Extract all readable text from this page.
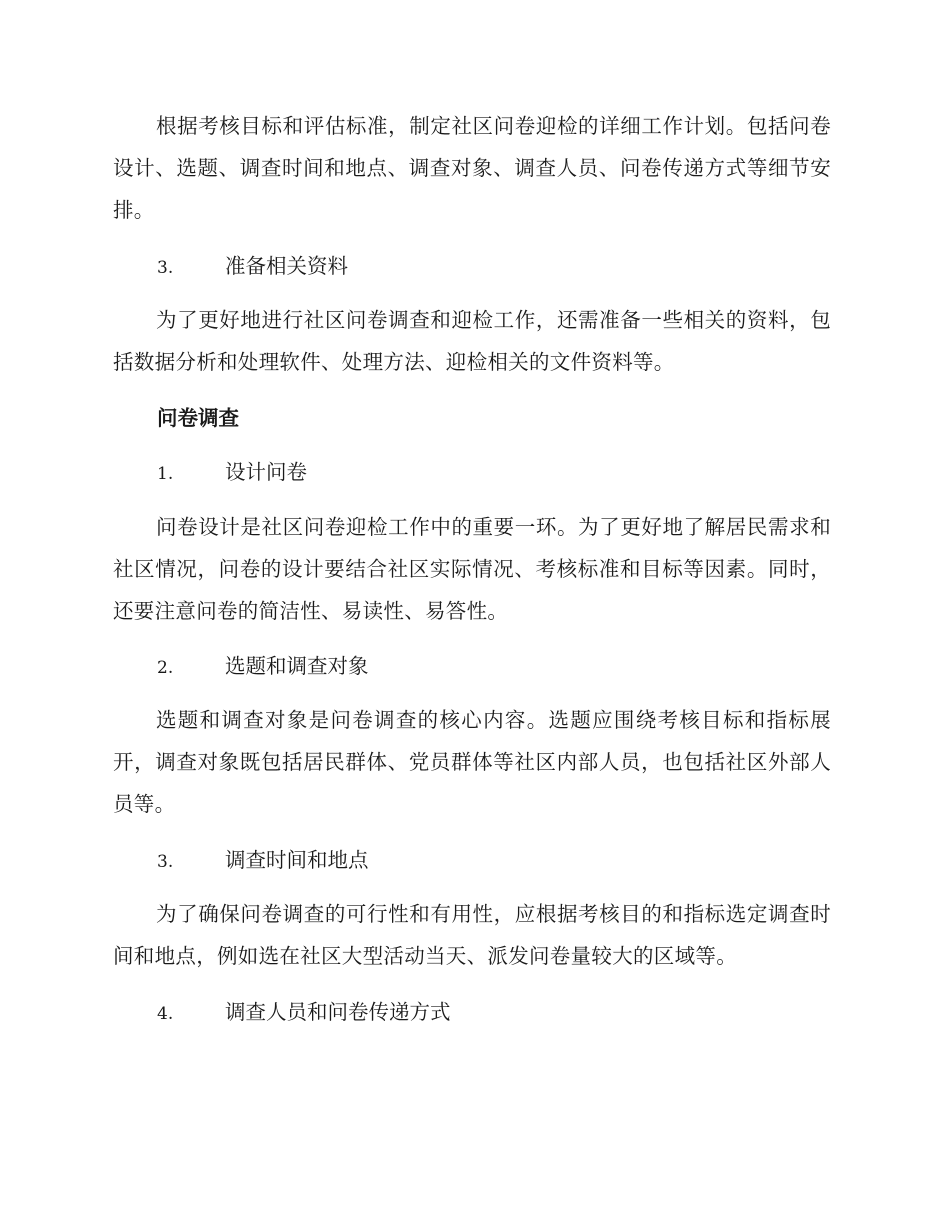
根据考核目标和评估标准，制定社区问卷迎检的详细工作计划。包括问卷设计、选题、调查时间和地点、调查对象、调查人员、问卷传递方式等细节安排。

3.	准备相关资料

为了更好地进行社区问卷调查和迎检工作，还需准备一些相关的资料，包括数据分析和处理软件、处理方法、迎检相关的文件资料等。

问卷调查

1.	设计问卷

问卷设计是社区问卷迎检工作中的重要一环。为了更好地了解居民需求和社区情况，问卷的设计要结合社区实际情况、考核标准和目标等因素。同时，还要注意问卷的简洁性、易读性、易答性。

2.	选题和调查对象

选题和调查对象是问卷调查的核心内容。选题应围绕考核目标和指标展开，调查对象既包括居民群体、党员群体等社区内部人员，也包括社区外部人员等。

3.	调查时间和地点

为了确保问卷调查的可行性和有用性，应根据考核目的和指标选定调查时间和地点，例如选在社区大型活动当天、派发问卷量较大的区域等。

4.	调查人员和问卷传递方式
